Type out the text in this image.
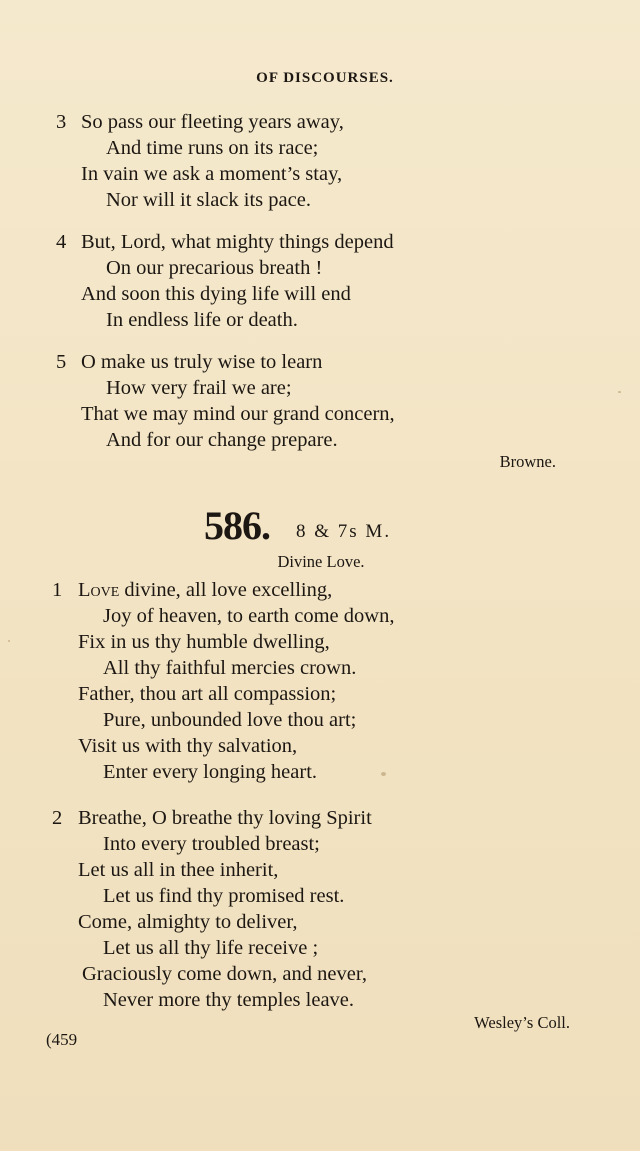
OF DISCOURSES.
3 So pass our fleeting years away,
And time runs on its race;
In vain we ask a moment’s stay,
Nor will it slack its pace.
4 But, Lord, what mighty things depend
On our precarious breath !
And soon this dying life will end
In endless life or death.
5 O make us truly wise to learn
How very frail we are;
That we may mind our grand concern,
And for our change prepare.
Browne.
586. 8 & 7s M.
Divine Love.
1 Love divine, all love excelling,
Joy of heaven, to earth come down,
Fix in us thy humble dwelling,
All thy faithful mercies crown.
Father, thou art all compassion;
Pure, unbounded love thou art;
Visit us with thy salvation,
Enter every longing heart.
2 Breathe, O breathe thy loving Spirit
Into every troubled breast;
Let us all in thee inherit,
Let us find thy promised rest.
Come, almighty to deliver,
Let us all thy life receive ;
Graciously come down, and never,
Never more thy temples leave.
Wesley’s Coll.
(459
